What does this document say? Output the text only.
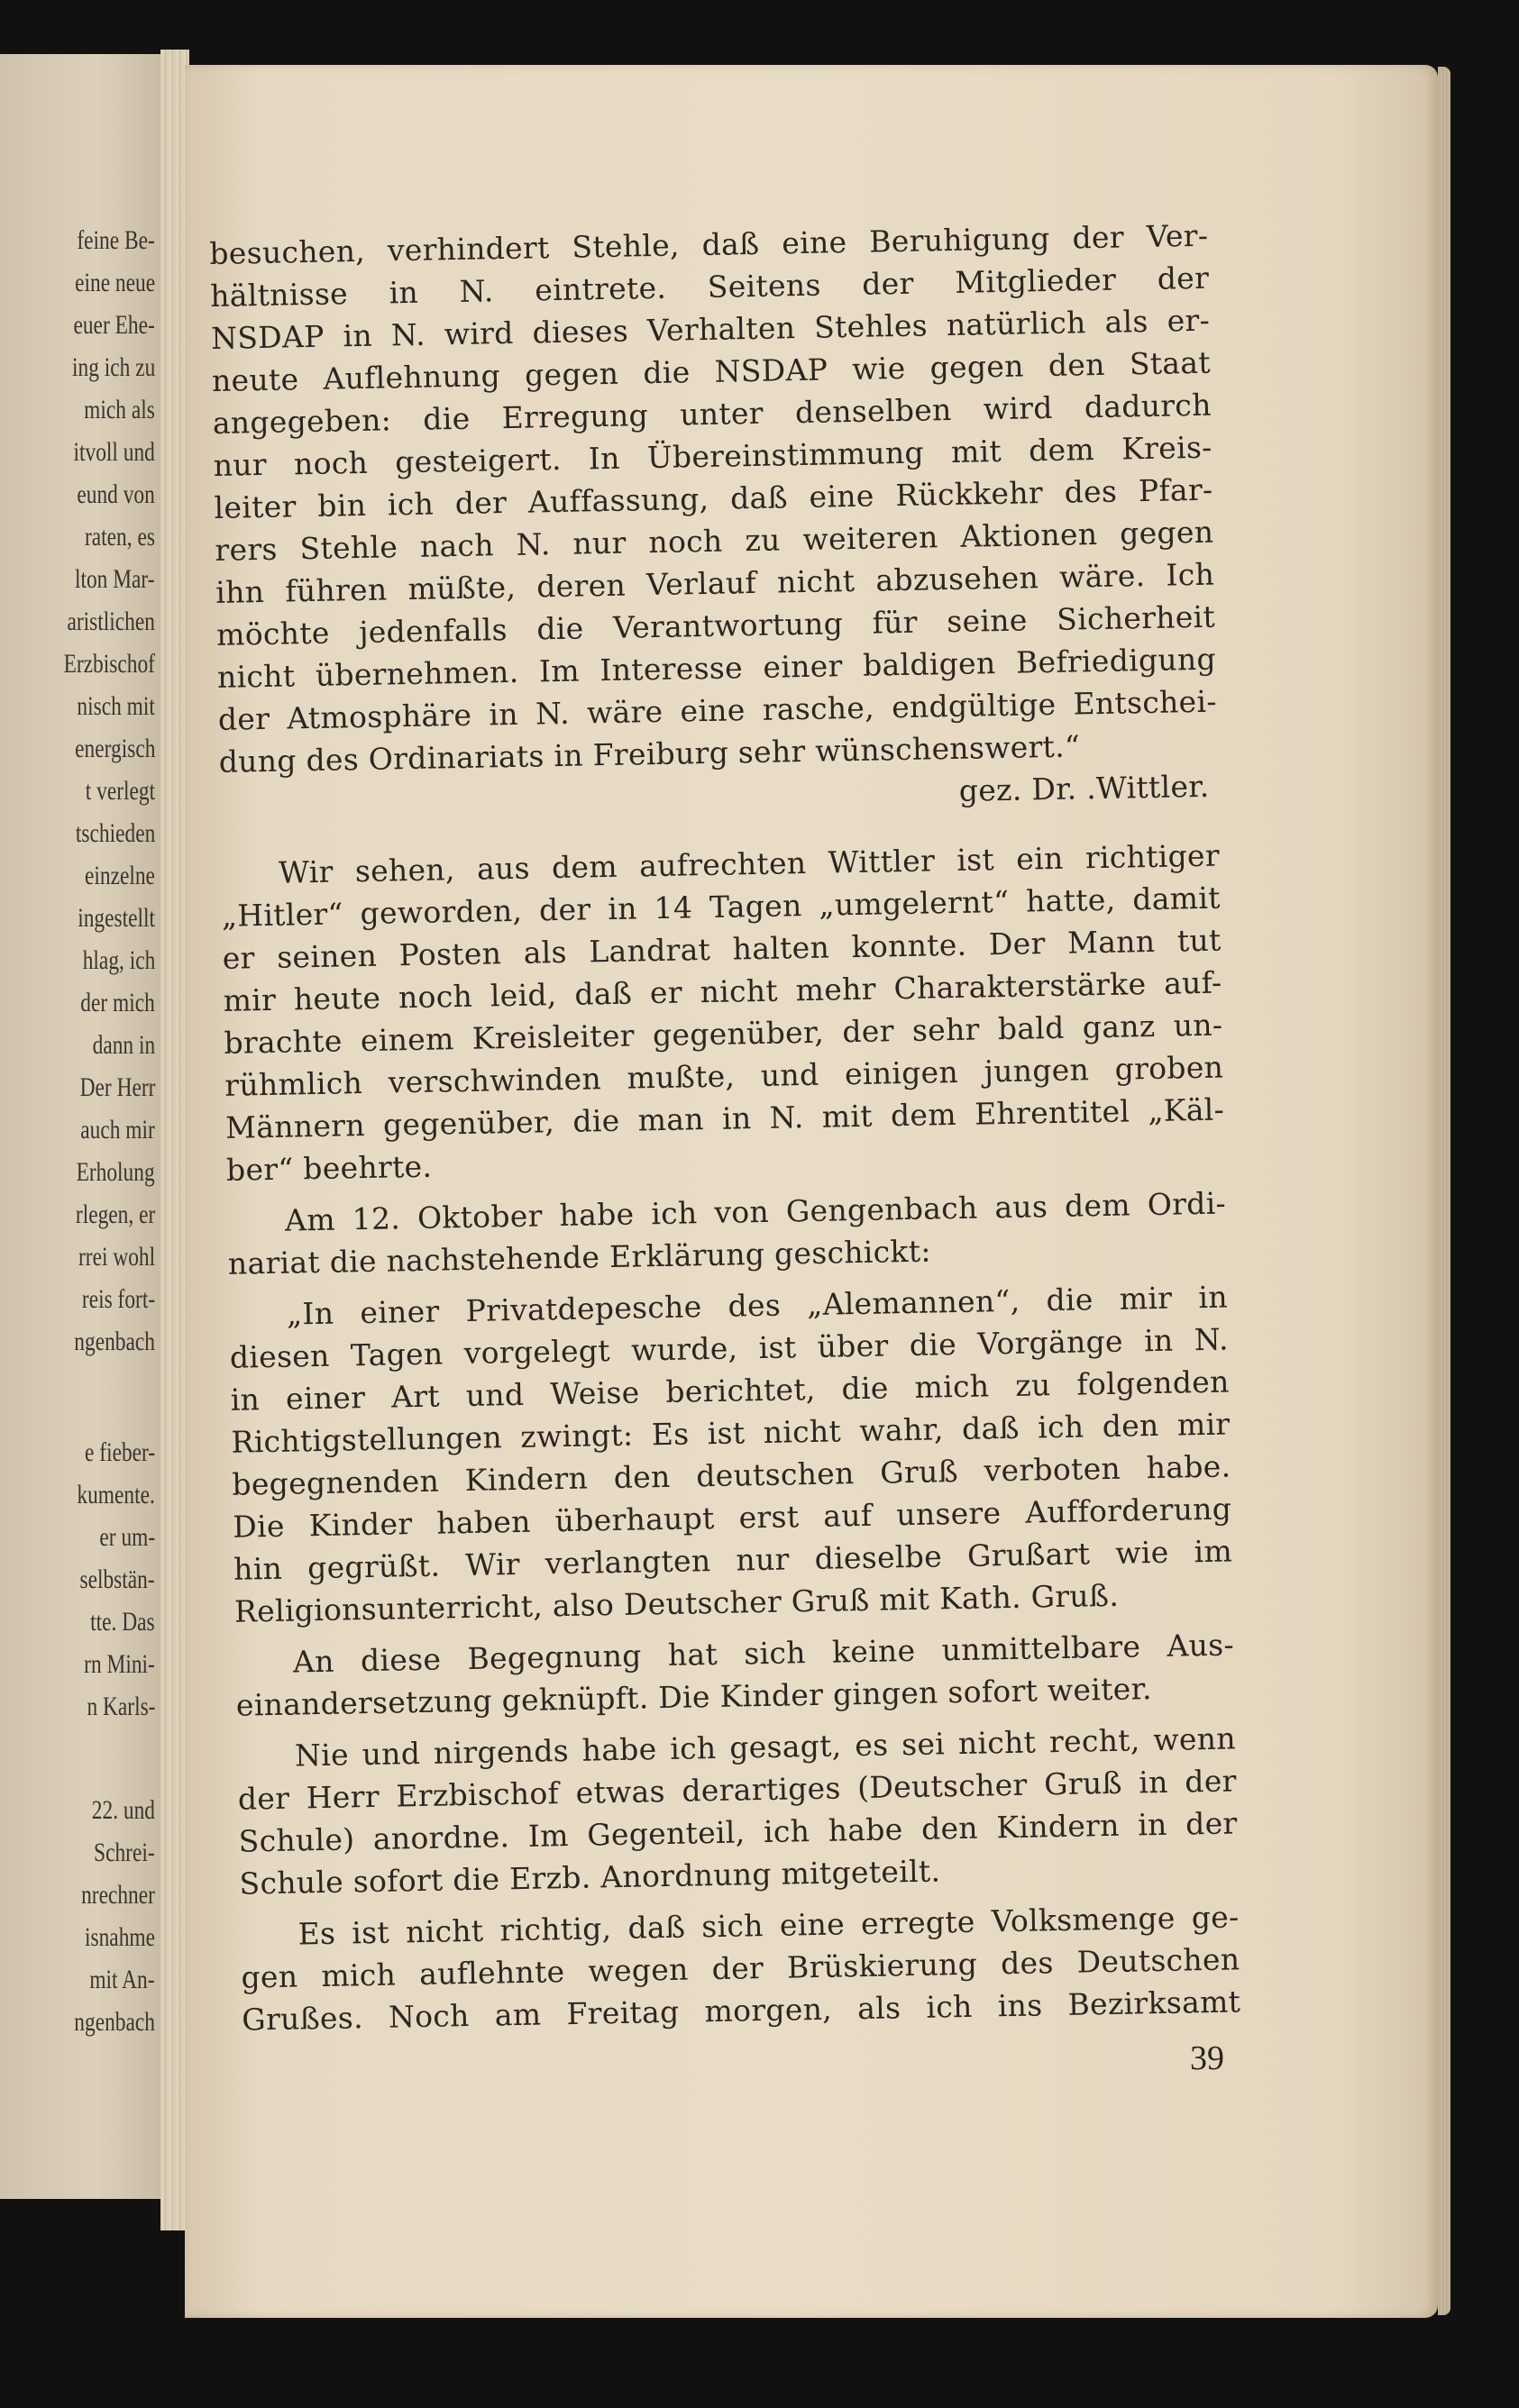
feine Be-
eine neue
euer Ehe-
ing ich zu
mich als
itvoll und
eund von
raten, es
lton Mar-
aristlichen
Erzbischof
nisch mit
energisch
t verlegt
tschieden
einzelne
ingestellt
hlag, ich
der mich
dann in
Der Herr
auch mir
Erholung
rlegen, er
rrei wohl
reis fort-
ngenbach
e fieber-
kumente.
er um-
selbstän-
tte. Das
rn Mini-
n Karls-
22. und
Schrei-
nrechner
isnahme
mit An-
ngenbach
besuchen, verhindert Stehle, daß eine Beruhigung der Ver-
hältnisse in N. eintrete. Seitens der Mitglieder der
NSDAP in N. wird dieses Verhalten Stehles natürlich als er-
neute Auflehnung gegen die NSDAP wie gegen den Staat
angegeben: die Erregung unter denselben wird dadurch
nur noch gesteigert. In Übereinstimmung mit dem Kreis-
leiter bin ich der Auffassung, daß eine Rückkehr des Pfar-
rers Stehle nach N. nur noch zu weiteren Aktionen gegen
ihn führen müßte, deren Verlauf nicht abzusehen wäre. Ich
möchte jedenfalls die Verantwortung für seine Sicherheit
nicht übernehmen. Im Interesse einer baldigen Befriedigung
der Atmosphäre in N. wäre eine rasche, endgültige Entschei-
dung des Ordinariats in Freiburg sehr wünschenswert.“
gez. Dr. .Wittler.
Wir sehen, aus dem aufrechten Wittler ist ein richtiger
„Hitler“ geworden, der in 14 Tagen „umgelernt“ hatte, damit
er seinen Posten als Landrat halten konnte. Der Mann tut
mir heute noch leid, daß er nicht mehr Charakterstärke auf-
brachte einem Kreisleiter gegenüber, der sehr bald ganz un-
rühmlich verschwinden mußte, und einigen jungen groben
Männern gegenüber, die man in N. mit dem Ehrentitel „Käl-
ber“ beehrte.
Am 12. Oktober habe ich von Gengenbach aus dem Ordi-
nariat die nachstehende Erklärung geschickt:
„In einer Privatdepesche des „Alemannen“, die mir in
diesen Tagen vorgelegt wurde, ist über die Vorgänge in N.
in einer Art und Weise berichtet, die mich zu folgenden
Richtigstellungen zwingt: Es ist nicht wahr, daß ich den mir
begegnenden Kindern den deutschen Gruß verboten habe.
Die Kinder haben überhaupt erst auf unsere Aufforderung
hin gegrüßt. Wir verlangten nur dieselbe Grußart wie im
Religionsunterricht, also Deutscher Gruß mit Kath. Gruß.
An diese Begegnung hat sich keine unmittelbare Aus-
einandersetzung geknüpft. Die Kinder gingen sofort weiter.
Nie und nirgends habe ich gesagt, es sei nicht recht, wenn
der Herr Erzbischof etwas derartiges (Deutscher Gruß in der
Schule) anordne. Im Gegenteil, ich habe den Kindern in der
Schule sofort die Erzb. Anordnung mitgeteilt.
Es ist nicht richtig, daß sich eine erregte Volksmenge ge-
gen mich auflehnte wegen der Brüskierung des Deutschen
Grußes. Noch am Freitag morgen, als ich ins Bezirksamt
39
